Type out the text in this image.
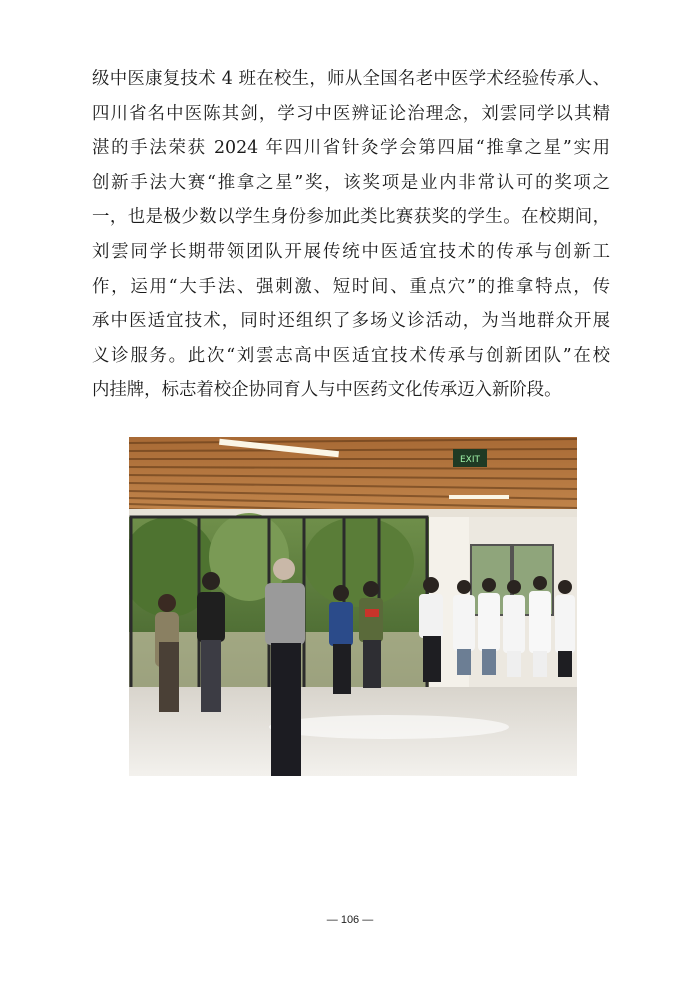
级中医康复技术 4 班在校生，师从全国名老中医学术经验传承人、
四川省名中医陈其剑，学习中医辨证论治理念，刘雲同学以其精
湛的手法荣获 2024 年四川省针灸学会第四届“推拿之星”实用
创新手法大赛“推拿之星”奖，该奖项是业内非常认可的奖项之
一，也是极少数以学生身份参加此类比赛获奖的学生。在校期间，
刘雲同学长期带领团队开展传统中医适宜技术的传承与创新工
作，运用“大手法、强刺激、短时间、重点穴”的推拿特点，传
承中医适宜技术，同时还组织了多场义诊活动，为当地群众开展
义诊服务。此次“刘雲志高中医适宜技术传承与创新团队”在校
内挂牌，标志着校企协同育人与中医药文化传承迈入新阶段。
EXIT
— 106 —
